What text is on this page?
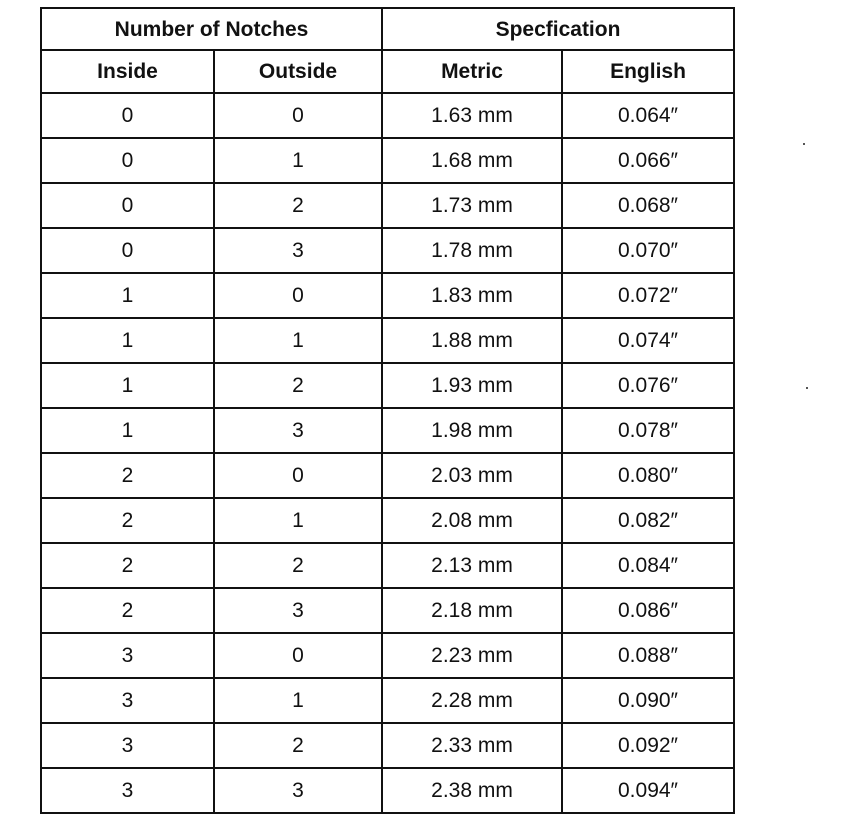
Number of Notches		Specfication	
Inside	Outside	Metric	English
0	0	1.63 mm	0.064″
0	1	1.68 mm	0.066″
0	2	1.73 mm	0.068″
0	3	1.78 mm	0.070″
1	0	1.83 mm	0.072″
1	1	1.88 mm	0.074″
1	2	1.93 mm	0.076″
1	3	1.98 mm	0.078″
2	0	2.03 mm	0.080″
2	1	2.08 mm	0.082″
2	2	2.13 mm	0.084″
2	3	2.18 mm	0.086″
3	0	2.23 mm	0.088″
3	1	2.28 mm	0.090″
3	2	2.33 mm	0.092″
3	3	2.38 mm	0.094″
